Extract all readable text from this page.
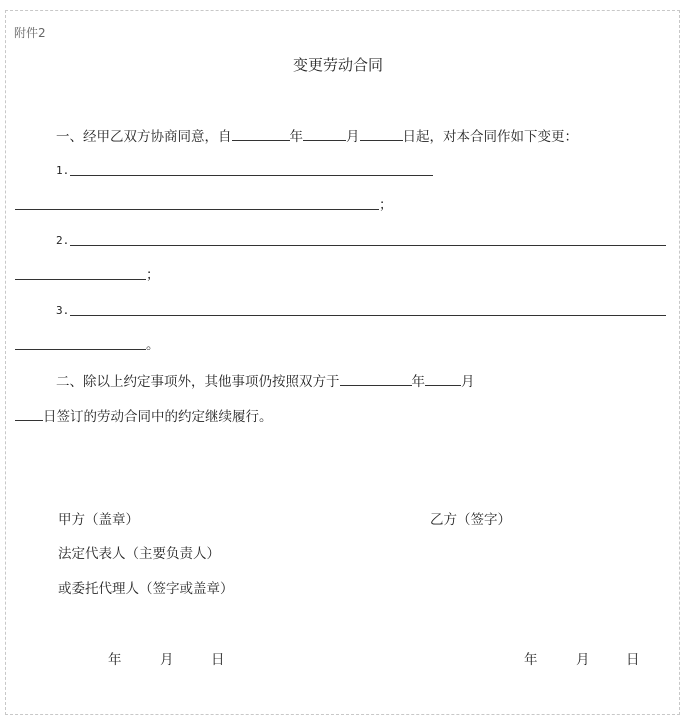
附件2
变更劳动合同
一、经甲乙双方协商同意，自	年	月	日起，对本合同作如下变更：
1.
；
2.
；
3.
。
二、除以上约定事项外，其他事项仍按照双方于	年	月
日签订的劳动合同中的约定继续履行。
甲方（盖章）	乙方（签字）
法定代表人（主要负责人）
或委托代理人（签字或盖章）
年	月	日	年	月	日
